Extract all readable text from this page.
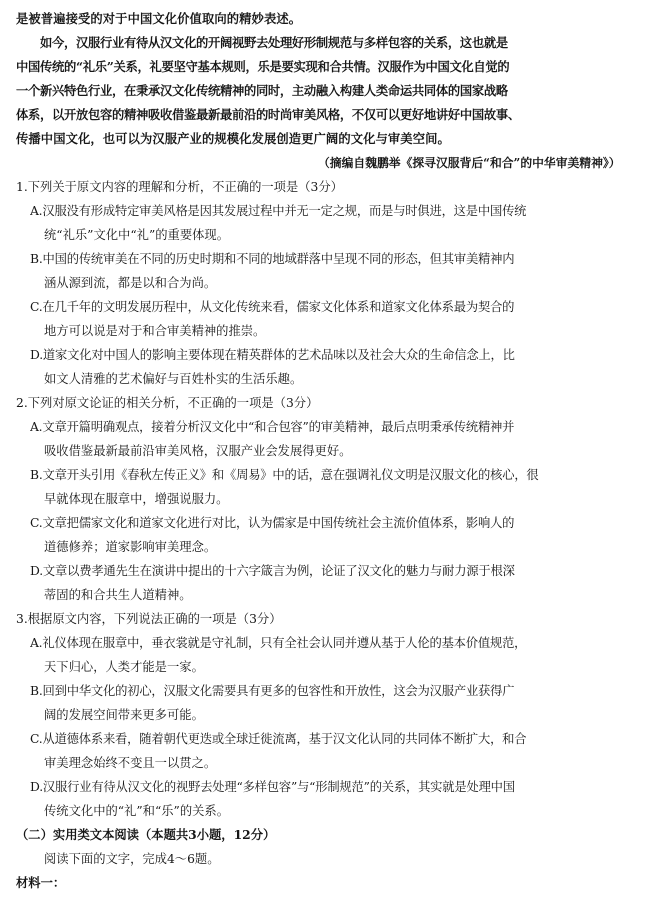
是被普遍接受的对于中国文化价值取向的精妙表述。
如今，汉服行业有待从汉文化的开阔视野去处理好形制规范与多样包容的关系，这也就是
中国传统的“礼乐”关系，礼要坚守基本规则，乐是要实现和合共情。汉服作为中国文化自觉的
一个新兴特色行业，在秉承汉文化传统精神的同时，主动融入构建人类命运共同体的国家战略
体系，以开放包容的精神吸收借鉴最新最前沿的时尚审美风格，不仅可以更好地讲好中国故事、
传播中国文化，也可以为汉服产业的规模化发展创造更广阔的文化与审美空间。
（摘编自魏鹏举《探寻汉服背后“和合”的中华审美精神》）
1.下列关于原文内容的理解和分析，不正确的一项是（3分）
A.汉服没有形成特定审美风格是因其发展过程中并无一定之规，而是与时俱进，这是中国传统
统“礼乐”文化中“礼”的重要体现。
B.中国的传统审美在不同的历史时期和不同的地域群落中呈现不同的形态，但其审美精神内
涵从源到流，都是以和合为尚。
C.在几千年的文明发展历程中，从文化传统来看，儒家文化体系和道家文化体系最为契合的
地方可以说是对于和合审美精神的推崇。
D.道家文化对中国人的影响主要体现在精英群体的艺术品味以及社会大众的生命信念上，比
如文人清雅的艺术偏好与百姓朴实的生活乐趣。
2.下列对原文论证的相关分析，不正确的一项是（3分）
A.文章开篇明确观点，接着分析汉文化中“和合包容”的审美精神，最后点明秉承传统精神并
吸收借鉴最新最前沿审美风格，汉服产业会发展得更好。
B.文章开头引用《春秋左传正义》和《周易》中的话，意在强调礼仪文明是汉服文化的核心，很
早就体现在服章中，增强说服力。
C.文章把儒家文化和道家文化进行对比，认为儒家是中国传统社会主流价值体系，影响人的
道德修养；道家影响审美理念。
D.文章以费孝通先生在演讲中提出的十六字箴言为例，论证了汉文化的魅力与耐力源于根深
蒂固的和合共生人道精神。
3.根据原文内容，下列说法正确的一项是（3分）
A.礼仪体现在服章中，垂衣裳就是守礼制，只有全社会认同并遵从基于人伦的基本价值规范，
天下归心，人类才能是一家。
B.回到中华文化的初心，汉服文化需要具有更多的包容性和开放性，这会为汉服产业获得广
阔的发展空间带来更多可能。
C.从道德体系来看，随着朝代更迭或全球迁徙流离，基于汉文化认同的共同体不断扩大，和合
审美理念始终不变且一以贯之。
D.汉服行业有待从汉文化的视野去处理“多样包容”与“形制规范”的关系，其实就是处理中国
传统文化中的“礼”和“乐”的关系。
（二）实用类文本阅读（本题共3小题，12分）
阅读下面的文字，完成4～6题。
材料一：
